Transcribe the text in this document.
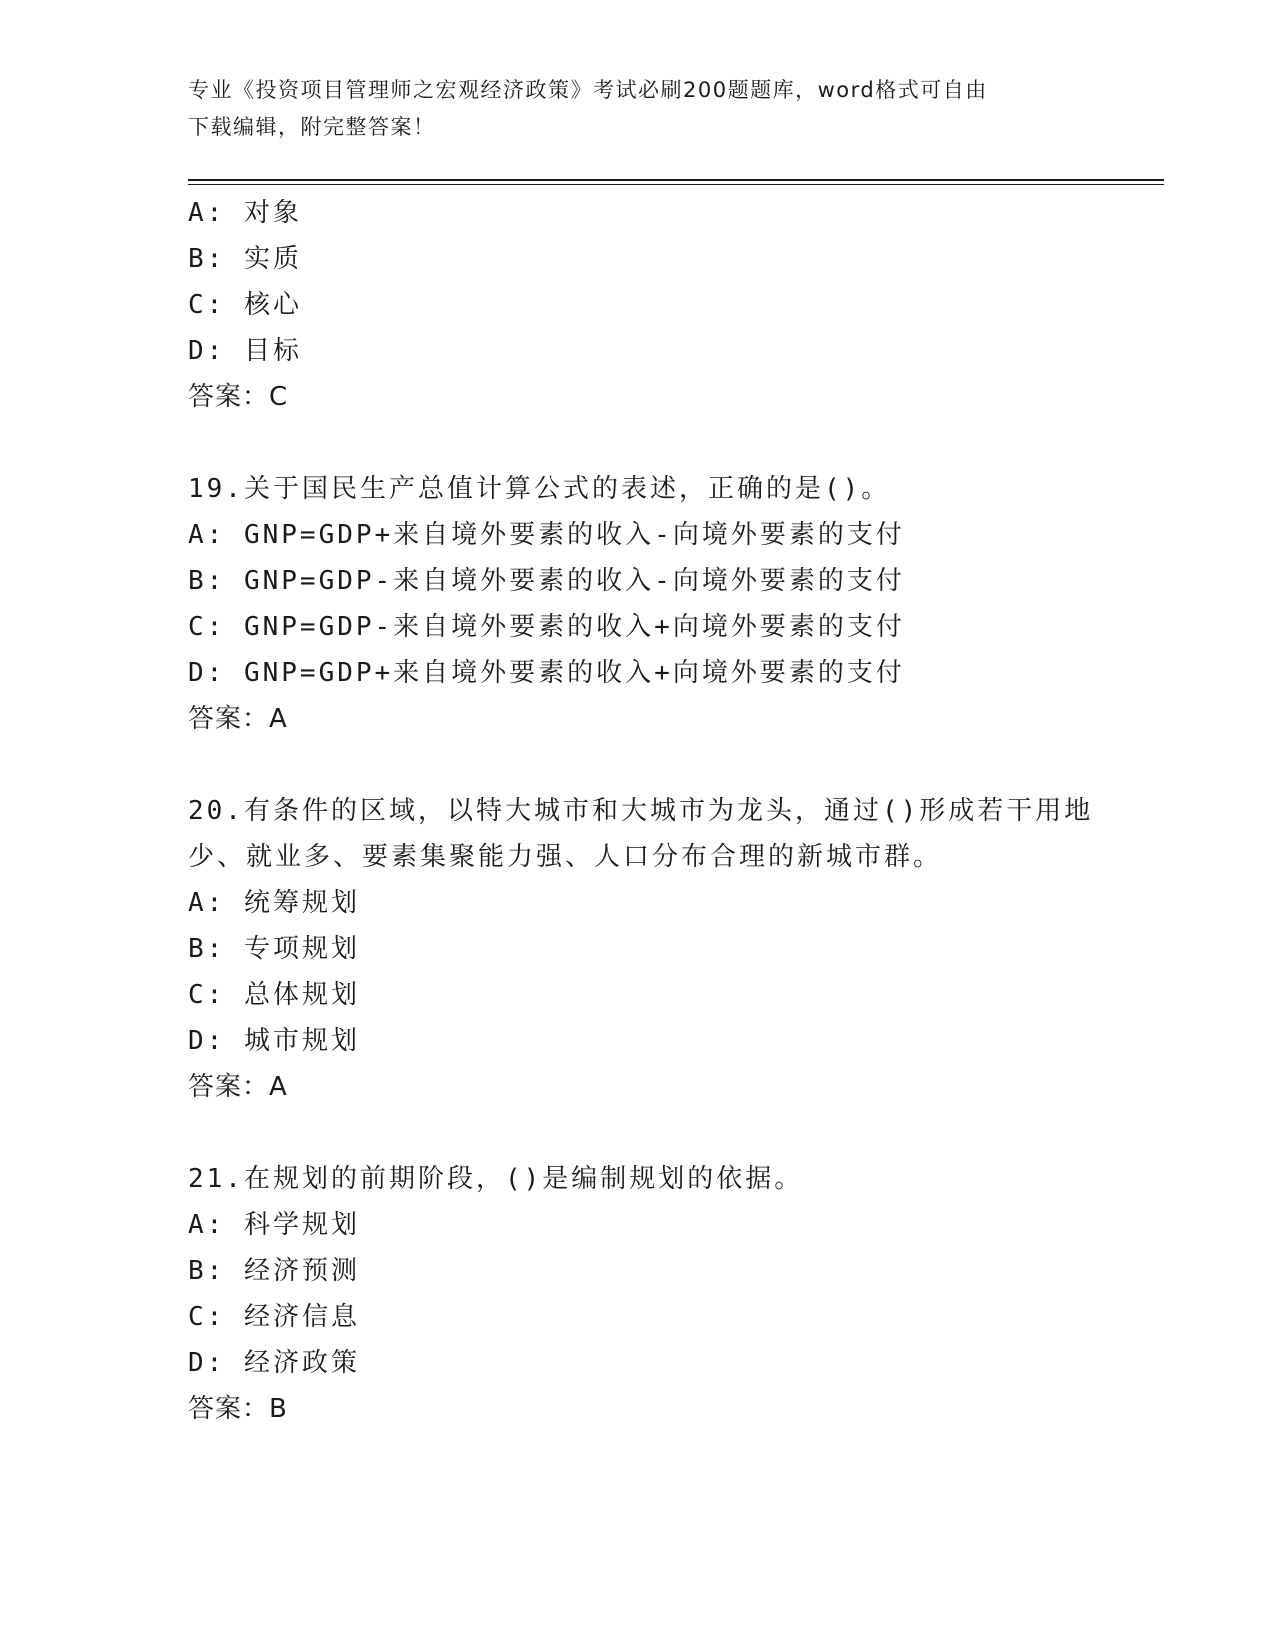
专业《投资项目管理师之宏观经济政策》考试必刷200题题库，word格式可自由
下载编辑，附完整答案！
A: 对象
B: 实质
C: 核心
D: 目标
答案：C
19.关于国民生产总值计算公式的表述，正确的是()。
A: GNP=GDP+来自境外要素的收入-向境外要素的支付
B: GNP=GDP-来自境外要素的收入-向境外要素的支付
C: GNP=GDP-来自境外要素的收入+向境外要素的支付
D: GNP=GDP+来自境外要素的收入+向境外要素的支付
答案：A
20.有条件的区域，以特大城市和大城市为龙头，通过()形成若干用地
少、就业多、要素集聚能力强、人口分布合理的新城市群。
A: 统筹规划
B: 专项规划
C: 总体规划
D: 城市规划
答案：A
21.在规划的前期阶段，()是编制规划的依据。
A: 科学规划
B: 经济预测
C: 经济信息
D: 经济政策
答案：B
